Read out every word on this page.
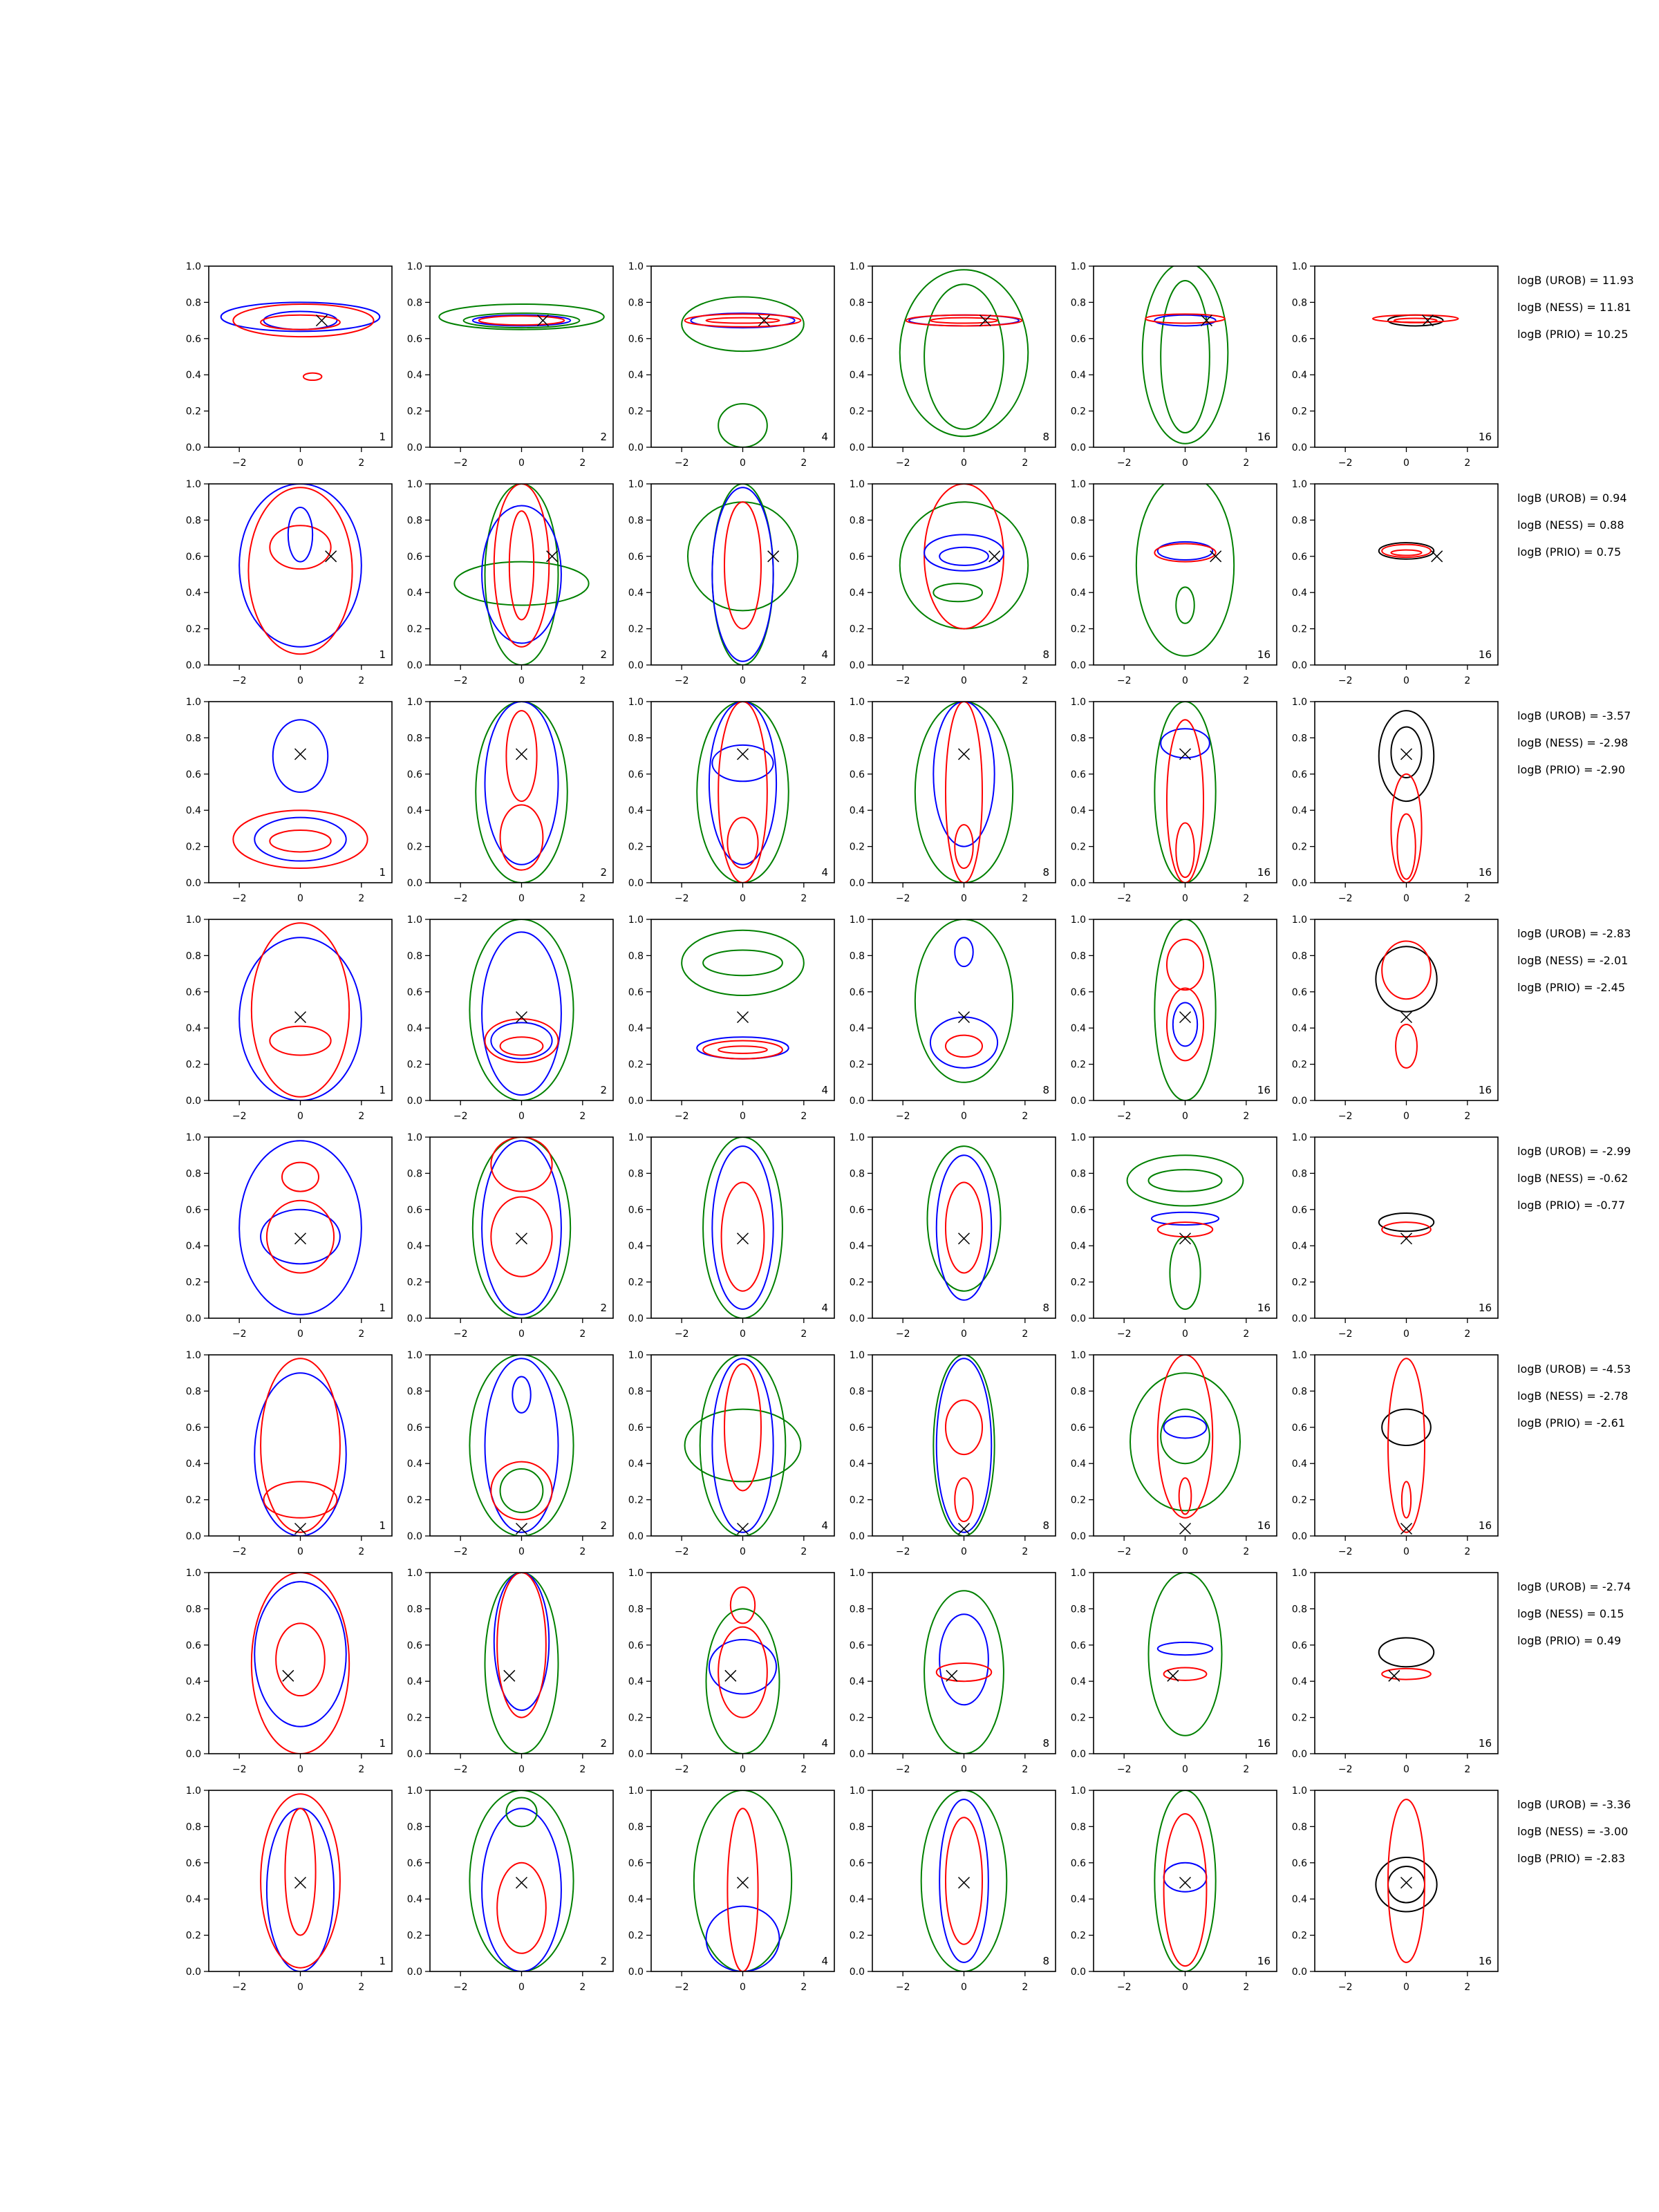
−2	0	2
0.0
0.2
0.4
0.6
0.8
1.0
1
−2	0	2
0.0
0.2
0.4
0.6
0.8
1.0
2
−2	0	2
0.0
0.2
0.4
0.6
0.8
1.0
4
−2	0	2
0.0
0.2
0.4
0.6
0.8
1.0
8
−2	0	2
0.0
0.2
0.4
0.6
0.8
1.0
16
−2	0	2
0.0
0.2
0.4
0.6
0.8
1.0
16
logB (UROB) = 11.93
logB (NESS) = 11.81
logB (PRIO) = 10.25
−2	0	2
0.0
0.2
0.4
0.6
0.8
1.0
1
−2	0	2
0.0
0.2
0.4
0.6
0.8
1.0
2
−2	0	2
0.0
0.2
0.4
0.6
0.8
1.0
4
−2	0	2
0.0
0.2
0.4
0.6
0.8
1.0
8
−2	0	2
0.0
0.2
0.4
0.6
0.8
1.0
16
−2	0	2
0.0
0.2
0.4
0.6
0.8
1.0
16
logB (UROB) = 0.94
logB (NESS) = 0.88
logB (PRIO) = 0.75
−2	0	2
0.0
0.2
0.4
0.6
0.8
1.0
1
−2	0	2
0.0
0.2
0.4
0.6
0.8
1.0
2
−2	0	2
0.0
0.2
0.4
0.6
0.8
1.0
4
−2	0	2
0.0
0.2
0.4
0.6
0.8
1.0
8
−2	0	2
0.0
0.2
0.4
0.6
0.8
1.0
16
−2	0	2
0.0
0.2
0.4
0.6
0.8
1.0
16
logB (UROB) = -3.57
logB (NESS) = -2.98
logB (PRIO) = -2.90
−2	0	2
0.0
0.2
0.4
0.6
0.8
1.0
1
−2	0	2
0.0
0.2
0.4
0.6
0.8
1.0
2
−2	0	2
0.0
0.2
0.4
0.6
0.8
1.0
4
−2	0	2
0.0
0.2
0.4
0.6
0.8
1.0
8
−2	0	2
0.0
0.2
0.4
0.6
0.8
1.0
16
−2	0	2
0.0
0.2
0.4
0.6
0.8
1.0
16
logB (UROB) = -2.83
logB (NESS) = -2.01
logB (PRIO) = -2.45
−2	0	2
0.0
0.2
0.4
0.6
0.8
1.0
1
−2	0	2
0.0
0.2
0.4
0.6
0.8
1.0
2
−2	0	2
0.0
0.2
0.4
0.6
0.8
1.0
4
−2	0	2
0.0
0.2
0.4
0.6
0.8
1.0
8
−2	0	2
0.0
0.2
0.4
0.6
0.8
1.0
16
−2	0	2
0.0
0.2
0.4
0.6
0.8
1.0
16
logB (UROB) = -2.99
logB (NESS) = -0.62
logB (PRIO) = -0.77
−2	0	2
0.0
0.2
0.4
0.6
0.8
1.0
1
−2	0	2
0.0
0.2
0.4
0.6
0.8
1.0
2
−2	0	2
0.0
0.2
0.4
0.6
0.8
1.0
4
−2	0	2
0.0
0.2
0.4
0.6
0.8
1.0
8
−2	0	2
0.0
0.2
0.4
0.6
0.8
1.0
16
−2	0	2
0.0
0.2
0.4
0.6
0.8
1.0
16
logB (UROB) = -4.53
logB (NESS) = -2.78
logB (PRIO) = -2.61
−2	0	2
0.0
0.2
0.4
0.6
0.8
1.0
1
−2	0	2
0.0
0.2
0.4
0.6
0.8
1.0
2
−2	0	2
0.0
0.2
0.4
0.6
0.8
1.0
4
−2	0	2
0.0
0.2
0.4
0.6
0.8
1.0
8
−2	0	2
0.0
0.2
0.4
0.6
0.8
1.0
16
−2	0	2
0.0
0.2
0.4
0.6
0.8
1.0
16
logB (UROB) = -2.74
logB (NESS) = 0.15
logB (PRIO) = 0.49
−2	0	2
0.0
0.2
0.4
0.6
0.8
1.0
1
−2	0	2
0.0
0.2
0.4
0.6
0.8
1.0
2
−2	0	2
0.0
0.2
0.4
0.6
0.8
1.0
4
−2	0	2
0.0
0.2
0.4
0.6
0.8
1.0
8
−2	0	2
0.0
0.2
0.4
0.6
0.8
1.0
16
−2	0	2
0.0
0.2
0.4
0.6
0.8
1.0
16
logB (UROB) = -3.36
logB (NESS) = -3.00
logB (PRIO) = -2.83
